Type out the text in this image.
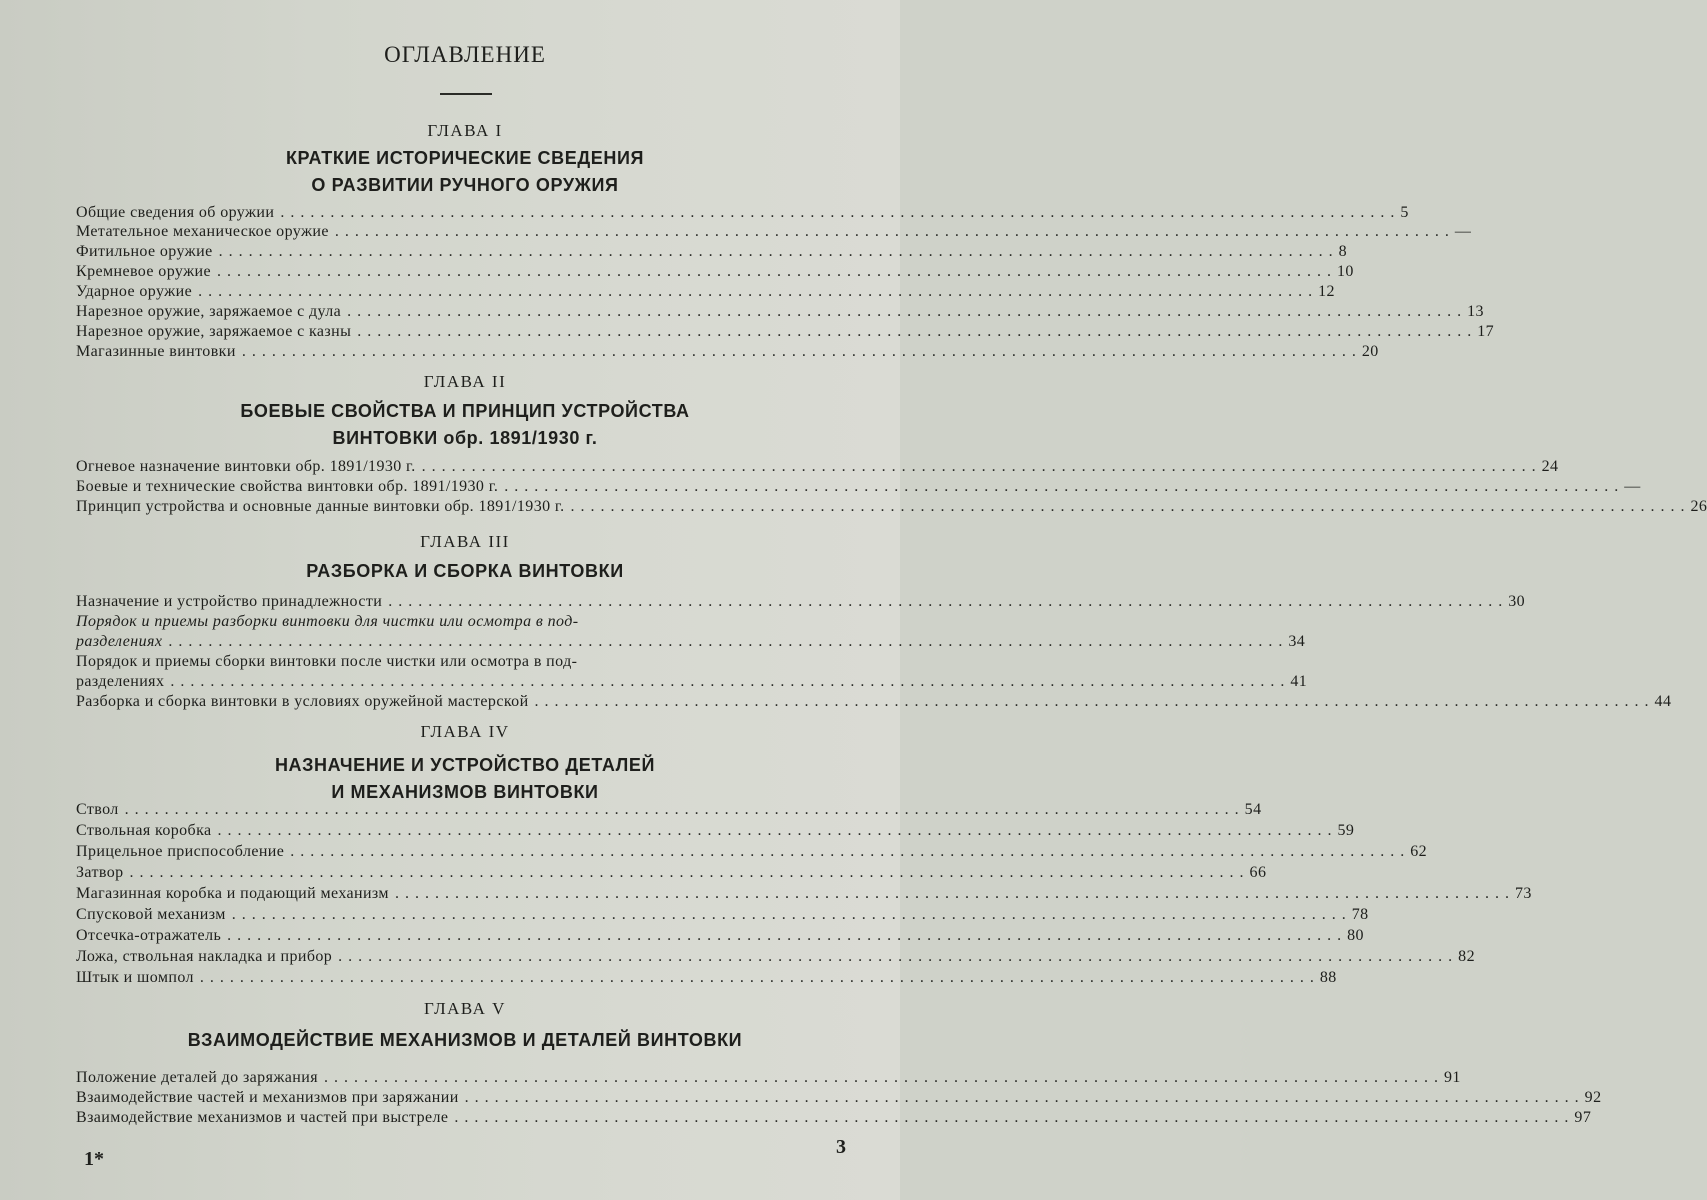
ОГЛАВЛЕНИЕ
ГЛАВА I
КРАТКИЕ ИСТОРИЧЕСКИЕ СВЕДЕНИЯ
О РАЗВИТИИ РУЧНОГО ОРУЖИЯ
Общие сведения об оружии ................................................................................................................ 5
Метательное механическое оружие ................................................................................................................ —
Фитильное оружие ................................................................................................................ 8
Кремневое оружие ................................................................................................................ 10
Ударное оружие ................................................................................................................ 12
Нарезное оружие, заряжаемое с дула ................................................................................................................ 13
Нарезное оружие, заряжаемое с казны ................................................................................................................ 17
Магазинные винтовки ................................................................................................................ 20
ГЛАВА II
БОЕВЫЕ СВОЙСТВА И ПРИНЦИП УСТРОЙСТВА
ВИНТОВКИ обр. 1891/1930 г.
Огневое назначение винтовки обр. 1891/1930 г. ................................................................................................................ 24
Боевые и технические свойства винтовки обр. 1891/1930 г. ................................................................................................................ —
Принцип устройства и основные данные винтовки обр. 1891/1930 г. ................................................................................................................ 26
ГЛАВА III
РАЗБОРКА И СБОРКА ВИНТОВКИ
Назначение и устройство принадлежности ................................................................................................................ 30
Порядок и приемы разборки винтовки для чистки или осмотра в под-
разделениях ................................................................................................................ 34
Порядок и приемы сборки винтовки после чистки или осмотра в под-
разделениях ................................................................................................................ 41
Разборка и сборка винтовки в условиях оружейной мастерской ................................................................................................................ 44
ГЛАВА IV
НАЗНАЧЕНИЕ И УСТРОЙСТВО ДЕТАЛЕЙ
И МЕХАНИЗМОВ ВИНТОВКИ
Ствол ................................................................................................................ 54
Ствольная коробка ................................................................................................................ 59
Прицельное приспособление ................................................................................................................ 62
Затвор ................................................................................................................ 66
Магазинная коробка и подающий механизм ................................................................................................................ 73
Спусковой механизм ................................................................................................................ 78
Отсечка-отражатель ................................................................................................................ 80
Ложа, ствольная накладка и прибор ................................................................................................................ 82
Штык и шомпол ................................................................................................................ 88
ГЛАВА V
ВЗАИМОДЕЙСТВИЕ МЕХАНИЗМОВ И ДЕТАЛЕЙ ВИНТОВКИ
Положение деталей до заряжания ................................................................................................................ 91
Взаимодействие частей и механизмов при заряжании ................................................................................................................ 92
Взаимодействие механизмов и частей при выстреле ................................................................................................................ 97
1*
3
